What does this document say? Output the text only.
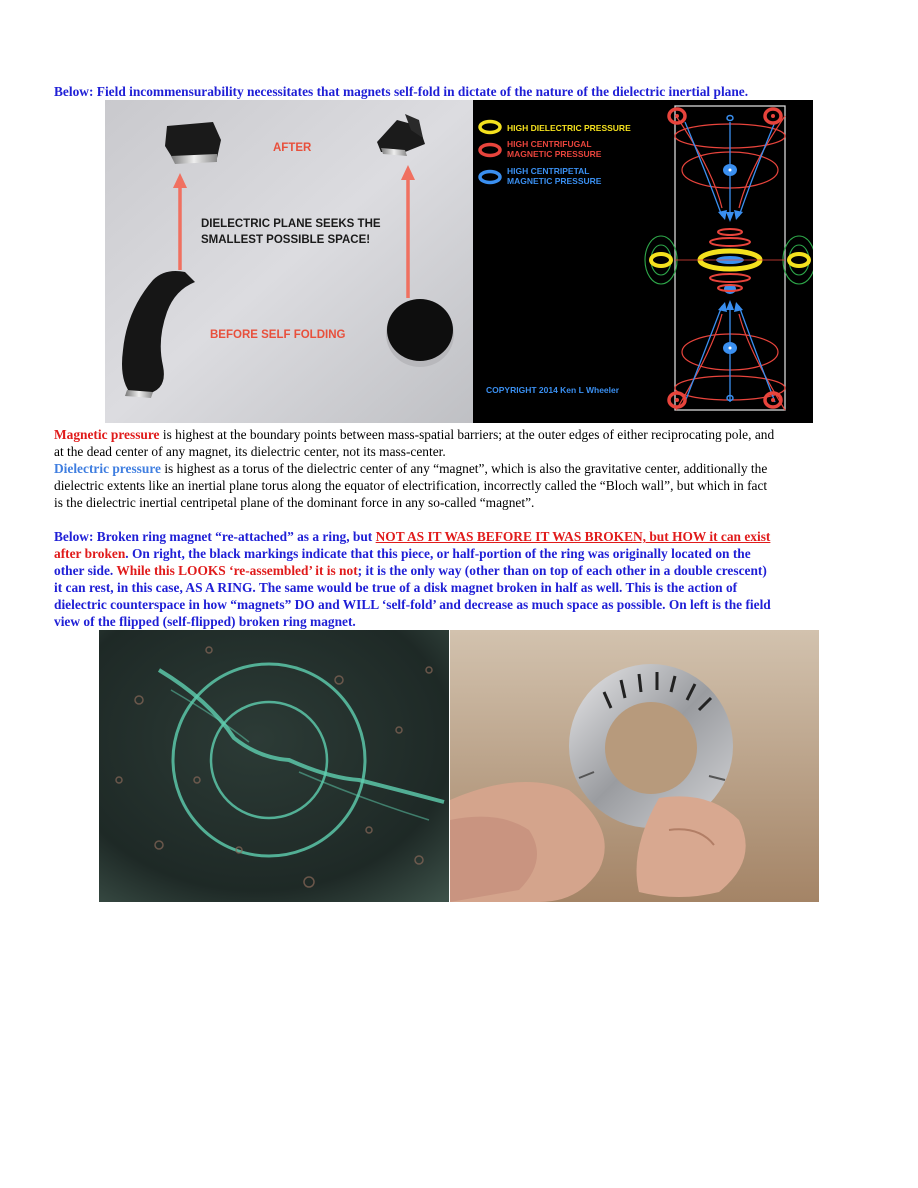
Below: Field incommensurability necessitates that magnets self-fold in dictate of the nature of the dielectric inertial plane.
AFTER
DIELECTRIC PLANE SEEKS THE
SMALLEST POSSIBLE SPACE!
BEFORE SELF FOLDING
HIGH DIELECTRIC PRESSURE
HIGH CENTRIFUGAL
MAGNETIC PRESSURE
HIGH CENTRIPETAL
MAGNETIC PRESSURE
COPYRIGHT 2014 Ken L Wheeler
Magnetic pressure is highest at the boundary points between mass-spatial barriers; at the outer edges of either reciprocating pole, and
at the dead center of any magnet, its dielectric center, not its mass-center.
Dielectric pressure is highest as a torus of the dielectric center of any “magnet”, which is also the gravitative center, additionally the
dielectric extents like an inertial plane torus along the equator of electrification, incorrectly called the “Bloch wall”, but which in fact
is the dielectric inertial centripetal plane of the dominant force in any so-called “magnet”.
Below: Broken ring magnet “re-attached” as a ring, but NOT AS IT WAS BEFORE IT WAS BROKEN, but HOW it can exist
after broken. On right, the black markings indicate that this piece, or half-portion of the ring was originally located on the
other side. While this LOOKS ‘re-assembled’ it is not; it is the only way (other than on top of each other in a double crescent)
it can rest, in this case, AS A RING. The same would be true of a disk magnet broken in half as well. This is the action of
dielectric counterspace in how “magnets” DO and WILL ‘self-fold’ and decrease as much space as possible. On left is the field
view of the flipped (self-flipped) broken ring magnet.
